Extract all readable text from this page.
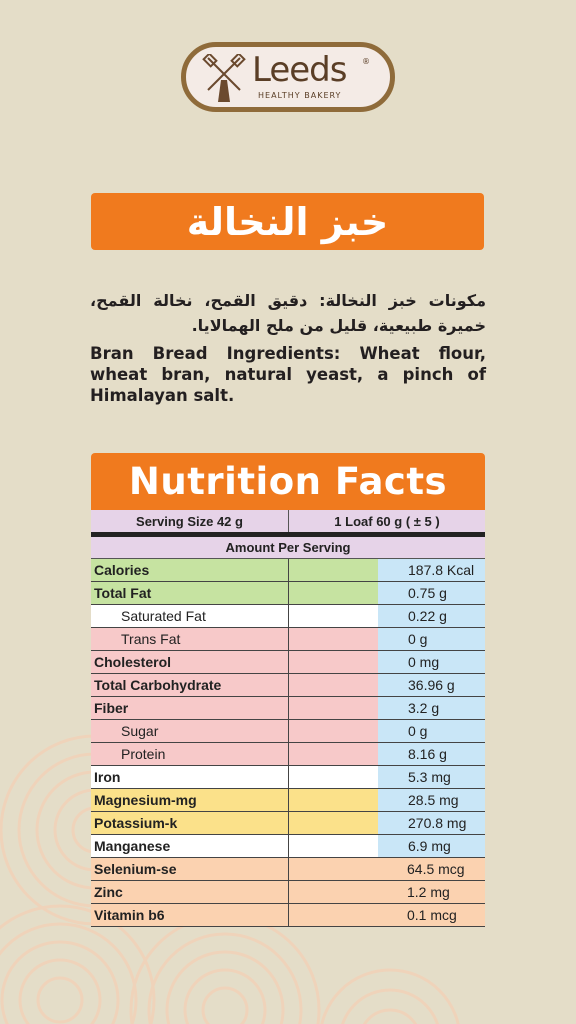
Leeds ®
HEALTHY BAKERY
خبز النخالة
مكونات خبز النخالة: دقيق القمح، نخالة القمح، خميرة طبيعية، قليل من ملح الهمالايا.
Bran Bread Ingredients: Wheat flour, wheat bran, natural yeast, a pinch of Himalayan salt.
Nutrition Facts
Serving Size 42 g	1 Loaf 60 g ( ± 5 )
Amount Per Serving
Calories	187.8 Kcal
Total Fat	0.75 g
Saturated Fat	0.22 g
Trans Fat	0 g
Cholesterol	0 mg
Total Carbohydrate	36.96 g
Fiber	3.2 g
Sugar	0 g
Protein	8.16 g
Iron	5.3 mg
Magnesium-mg	28.5 mg
Potassium-k	270.8 mg
Manganese	6.9 mg
Selenium-se	64.5 mcg
Zinc	1.2 mg
Vitamin b6	0.1 mcg
